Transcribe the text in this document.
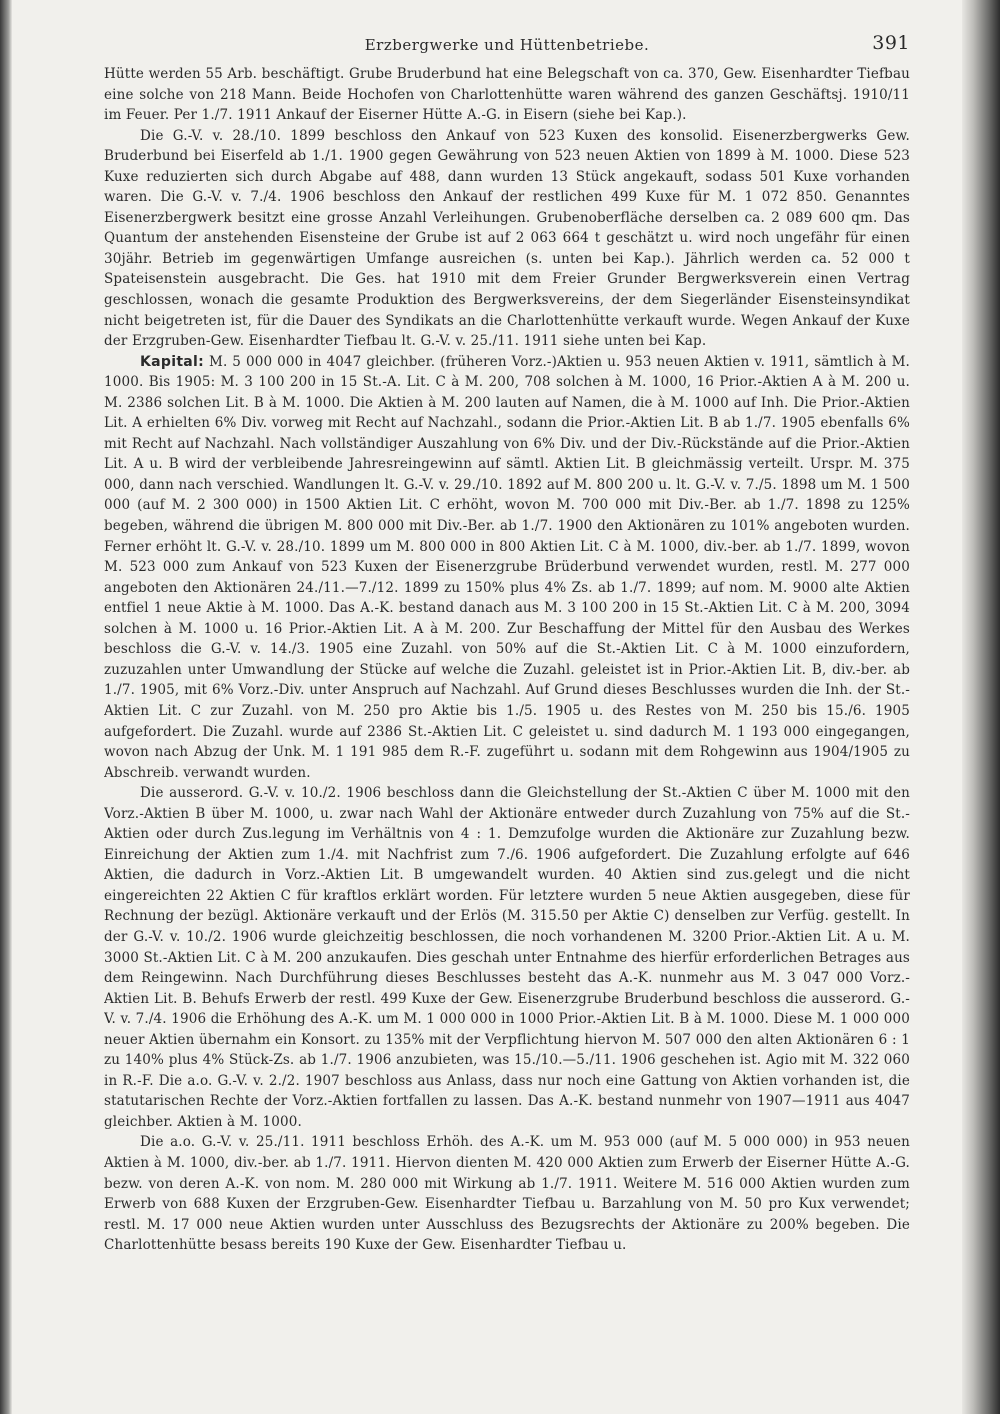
Erzbergwerke und Hüttenbetriebe.	391

Hütte werden 55 Arb. beschäftigt. Grube Bruderbund hat eine Belegschaft von ca. 370, Gew. Eisenhardter Tiefbau eine solche von 218 Mann. Beide Hochofen von Charlottenhütte waren während des ganzen Geschäftsj. 1910/11 im Feuer. Per 1./7. 1911 Ankauf der Eiserner Hütte A.-G. in Eisern (siehe bei Kap.).

Die G.-V. v. 28./10. 1899 beschloss den Ankauf von 523 Kuxen des konsolid. Eisenerzbergwerks Gew. Bruderbund bei Eiserfeld ab 1./1. 1900 gegen Gewährung von 523 neuen Aktien von 1899 à M. 1000. Diese 523 Kuxe reduzierten sich durch Abgabe auf 488, dann wurden 13 Stück angekauft, sodass 501 Kuxe vorhanden waren. Die G.-V. v. 7./4. 1906 beschloss den Ankauf der restlichen 499 Kuxe für M. 1 072 850. Genanntes Eisenerzbergwerk besitzt eine grosse Anzahl Verleihungen. Grubenoberfläche derselben ca. 2 089 600 qm. Das Quantum der anstehenden Eisensteine der Grube ist auf 2 063 664 t geschätzt u. wird noch ungefähr für einen 30jähr. Betrieb im gegenwärtigen Umfange ausreichen (s. unten bei Kap.). Jährlich werden ca. 52 000 t Spateisenstein ausgebracht. Die Ges. hat 1910 mit dem Freier Grunder Bergwerksverein einen Vertrag geschlossen, wonach die gesamte Produktion des Bergwerksvereins, der dem Siegerländer Eisensteinsyndikat nicht beigetreten ist, für die Dauer des Syndikats an die Charlottenhütte verkauft wurde. Wegen Ankauf der Kuxe der Erzgruben-Gew. Eisenhardter Tiefbau lt. G.-V. v. 25./11. 1911 siehe unten bei Kap.

Kapital: M. 5 000 000 in 4047 gleichber. (früheren Vorz.-)Aktien u. 953 neuen Aktien v. 1911, sämtlich à M. 1000. Bis 1905: M. 3 100 200 in 15 St.-A. Lit. C à M. 200, 708 solchen à M. 1000, 16 Prior.-Aktien A à M. 200 u. M. 2386 solchen Lit. B à M. 1000. Die Aktien à M. 200 lauten auf Namen, die à M. 1000 auf Inh. Die Prior.-Aktien Lit. A erhielten 6% Div. vorweg mit Recht auf Nachzahl., sodann die Prior.-Aktien Lit. B ab 1./7. 1905 ebenfalls 6% mit Recht auf Nachzahl. Nach vollständiger Auszahlung von 6% Div. und der Div.-Rückstände auf die Prior.-Aktien Lit. A u. B wird der verbleibende Jahresreingewinn auf sämtl. Aktien Lit. B gleichmässig verteilt. Urspr. M. 375 000, dann nach verschied. Wandlungen lt. G.-V. v. 29./10. 1892 auf M. 800 200 u. lt. G.-V. v. 7./5. 1898 um M. 1 500 000 (auf M. 2 300 000) in 1500 Aktien Lit. C erhöht, wovon M. 700 000 mit Div.-Ber. ab 1./7. 1898 zu 125% begeben, während die übrigen M. 800 000 mit Div.-Ber. ab 1./7. 1900 den Aktionären zu 101% angeboten wurden. Ferner erhöht lt. G.-V. v. 28./10. 1899 um M. 800 000 in 800 Aktien Lit. C à M. 1000, div.-ber. ab 1./7. 1899, wovon M. 523 000 zum Ankauf von 523 Kuxen der Eisenerzgrube Brüderbund verwendet wurden, restl. M. 277 000 angeboten den Aktionären 24./11.—7./12. 1899 zu 150% plus 4% Zs. ab 1./7. 1899; auf nom. M. 9000 alte Aktien entfiel 1 neue Aktie à M. 1000. Das A.-K. bestand danach aus M. 3 100 200 in 15 St.-Aktien Lit. C à M. 200, 3094 solchen à M. 1000 u. 16 Prior.-Aktien Lit. A à M. 200. Zur Beschaffung der Mittel für den Ausbau des Werkes beschloss die G.-V. v. 14./3. 1905 eine Zuzahl. von 50% auf die St.-Aktien Lit. C à M. 1000 einzufordern, zuzuzahlen unter Umwandlung der Stücke auf welche die Zuzahl. geleistet ist in Prior.-Aktien Lit. B, div.-ber. ab 1./7. 1905, mit 6% Vorz.-Div. unter Anspruch auf Nachzahl. Auf Grund dieses Beschlusses wurden die Inh. der St.-Aktien Lit. C zur Zuzahl. von M. 250 pro Aktie bis 1./5. 1905 u. des Restes von M. 250 bis 15./6. 1905 aufgefordert. Die Zuzahl. wurde auf 2386 St.-Aktien Lit. C geleistet u. sind dadurch M. 1 193 000 eingegangen, wovon nach Abzug der Unk. M. 1 191 985 dem R.-F. zugeführt u. sodann mit dem Rohgewinn aus 1904/1905 zu Abschreib. verwandt wurden.

Die ausserord. G.-V. v. 10./2. 1906 beschloss dann die Gleichstellung der St.-Aktien C über M. 1000 mit den Vorz.-Aktien B über M. 1000, u. zwar nach Wahl der Aktionäre entweder durch Zuzahlung von 75% auf die St.-Aktien oder durch Zus.legung im Verhältnis von 4 : 1. Demzufolge wurden die Aktionäre zur Zuzahlung bezw. Einreichung der Aktien zum 1./4. mit Nachfrist zum 7./6. 1906 aufgefordert. Die Zuzahlung erfolgte auf 646 Aktien, die dadurch in Vorz.-Aktien Lit. B umgewandelt wurden. 40 Aktien sind zus.gelegt und die nicht eingereichten 22 Aktien C für kraftlos erklärt worden. Für letztere wurden 5 neue Aktien ausgegeben, diese für Rechnung der bezügl. Aktionäre verkauft und der Erlös (M. 315.50 per Aktie C) denselben zur Verfüg. gestellt. In der G.-V. v. 10./2. 1906 wurde gleichzeitig beschlossen, die noch vorhandenen M. 3200 Prior.-Aktien Lit. A u. M. 3000 St.-Aktien Lit. C à M. 200 anzukaufen. Dies geschah unter Entnahme des hierfür erforderlichen Betrages aus dem Reingewinn. Nach Durchführung dieses Beschlusses besteht das A.-K. nunmehr aus M. 3 047 000 Vorz.-Aktien Lit. B. Behufs Erwerb der restl. 499 Kuxe der Gew. Eisenerzgrube Bruderbund beschloss die ausserord. G.-V. v. 7./4. 1906 die Erhöhung des A.-K. um M. 1 000 000 in 1000 Prior.-Aktien Lit. B à M. 1000. Diese M. 1 000 000 neuer Aktien übernahm ein Konsort. zu 135% mit der Verpflichtung hiervon M. 507 000 den alten Aktionären 6 : 1 zu 140% plus 4% Stück-Zs. ab 1./7. 1906 anzubieten, was 15./10.—5./11. 1906 geschehen ist. Agio mit M. 322 060 in R.-F. Die a.o. G.-V. v. 2./2. 1907 beschloss aus Anlass, dass nur noch eine Gattung von Aktien vorhanden ist, die statutarischen Rechte der Vorz.-Aktien fortfallen zu lassen. Das A.-K. bestand nunmehr von 1907—1911 aus 4047 gleichber. Aktien à M. 1000.

Die a.o. G.-V. v. 25./11. 1911 beschloss Erhöh. des A.-K. um M. 953 000 (auf M. 5 000 000) in 953 neuen Aktien à M. 1000, div.-ber. ab 1./7. 1911. Hiervon dienten M. 420 000 Aktien zum Erwerb der Eiserner Hütte A.-G. bezw. von deren A.-K. von nom. M. 280 000 mit Wirkung ab 1./7. 1911. Weitere M. 516 000 Aktien wurden zum Erwerb von 688 Kuxen der Erzgruben-Gew. Eisenhardter Tiefbau u. Barzahlung von M. 50 pro Kux verwendet; restl. M. 17 000 neue Aktien wurden unter Ausschluss des Bezugsrechts der Aktionäre zu 200% begeben. Die Charlottenhütte besass bereits 190 Kuxe der Gew. Eisenhardter Tiefbau u.
